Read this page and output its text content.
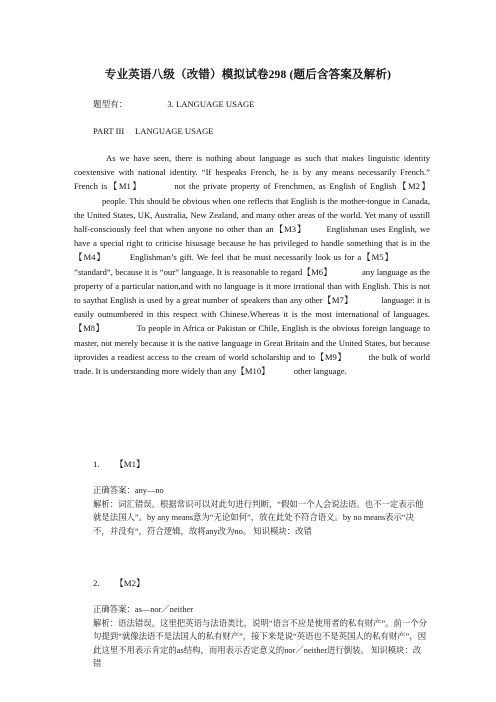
专业英语八级（改错）模拟试卷298 (题后含答案及解析)
题型有：	3. LANGUAGE USAGE
PART III LANGUAGE USAGE
As we have seen, there is nothing about language as such that makes linguistic identity coextensive with national identity. “If hespeaks French, he is by any means necessarily French.” French is【M1】	not the private property of Frenchmen, as English of English【M2】people. This should be obvious when one reflects that English is the mother-tongue in Canada, the United States, UK, Australia, New Zealand, and many other areas of the world. Yet many of usstill half-consciously feel that when anyone no other than an【M3】 Englishman uses English, we have a special right to criticise hisusage because he has privileged to handle something that is in the【M4】	Englishman’s gift. We feel that he must necessarily look us for a【M5】”standard”, because it is “our” language. It is reasonable to regard【M6】	any language as the property of a particular nation,and with no language is it more irrational than with English. This is not to saythat English is used by a great number of speakers than any other【M7】	language: it is easily outnumbered in this respect with Chinese.Whereas it is the most international of languages.【M8】	To people in Africa or Pakistan or Chile, English is the obvious foreign language to master, not merely because it is the native language in Great Britain and the United States, but because itprovides a readiest access to the cream of world scholarship and to【M9】	the bulk of world trade. It is understanding more widely than any【M10】	other language.
1. 【M1】
正确答案：any—no
解析：词汇错误。根据常识可以对此句进行判断，“假如一个人会说法语。也不一定表示他就是法国人”。by any means意为“无论如何”，放在此处不符合语义。by no means表示“决不，并没有”，符合逻辑，故将any改为no。 知识模块：改错
2. 【M2】
正确答案：as—nor／neither
解析：语法错误。这里把英语与法语类比，说明“语言不应是使用者的私有财产”。前一个分句提到“就像法语不是法国人的私有财产”，接下来是说“英语也不是英国人的私有财产”，因此这里不用表示肯定的as结构，而用表示否定意义的nor／neither进行倒装。 知识模块：改错
